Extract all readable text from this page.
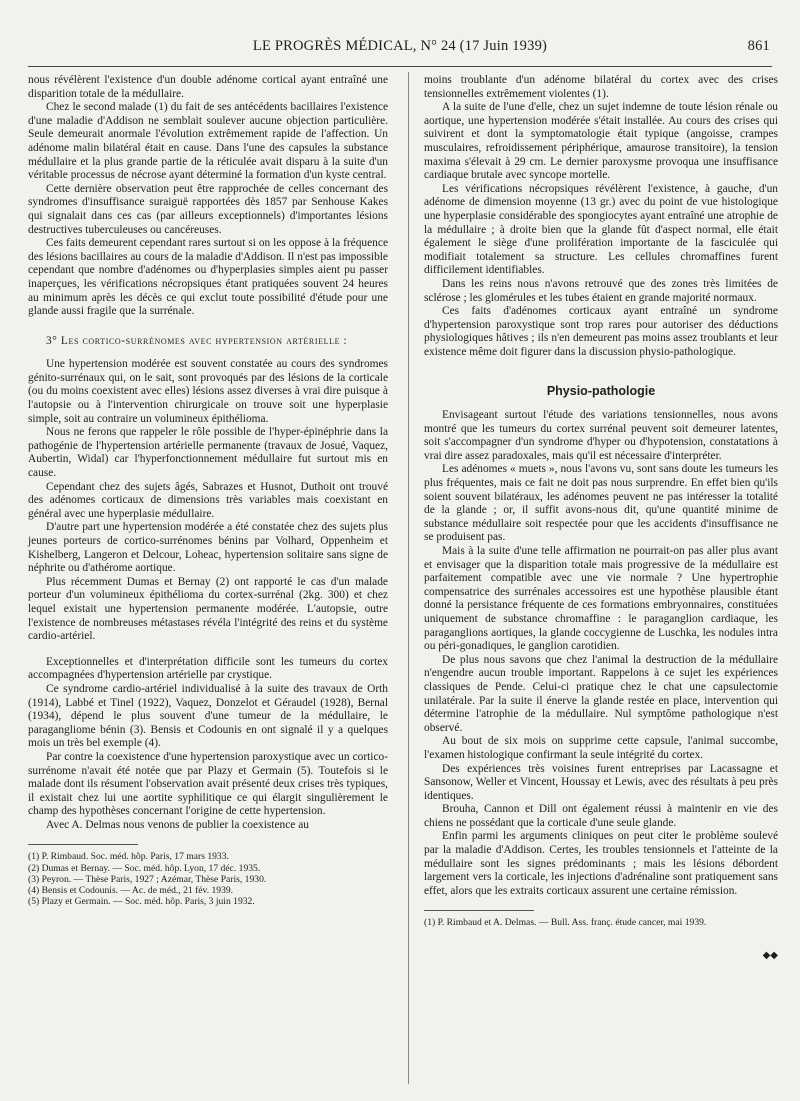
LE PROGRÈS MÉDICAL, N° 24 (17 Juin 1939)	861

nous révélèrent l'existence d'un double adénome cortical ayant entraîné une disparition totale de la médullaire.

Chez le second malade (1) du fait de ses antécédents bacillaires l'existence d'une maladie d'Addison ne semblait soulever aucune objection particulière. Seule demeurait anormale l'évolution extrêmement rapide de l'affection. Un adénome malin bilatéral était en cause. Dans l'une des capsules la substance médullaire et la plus grande partie de la réticulée avait disparu à la suite d'un véritable processus de nécrose ayant déterminé la formation d'un kyste central.

Cette dernière observation peut être rapprochée de celles concernant des syndromes d'insuffisance suraiguë rapportées dès 1857 par Senhouse Kakes qui signalait dans ces cas (par ailleurs exceptionnels) d'importantes lésions destructives tuberculeuses ou cancéreuses.

Ces faits demeurent cependant rares surtout si on les oppose à la fréquence des lésions bacillaires au cours de la maladie d'Addison. Il n'est pas impossible cependant que nombre d'adénomes ou d'hyperplasies simples aient pu passer inaperçues, les vérifications nécropsiques étant pratiquées souvent 24 heures au minimum après les décès ce qui exclut toute possibilité d'étude pour une glande aussi fragile que la surrénale.

3° Les cortico-surrénomes avec hypertension artérielle :

Une hypertension modérée est souvent constatée au cours des syndromes génito-surrénaux qui, on le sait, sont provoqués par des lésions de la corticale (ou du moins coexistent avec elles) lésions assez diverses à vrai dire puisque à l'autopsie ou à l'intervention chirurgicale on trouve soit une hyperplasie simple, soit au contraire un volumineux épithélioma.

Nous ne ferons que rappeler le rôle possible de l'hyper-épinéphrie dans la pathogénie de l'hypertension artérielle permanente (travaux de Josué, Vaquez, Aubertin, Widal) car l'hyperfonctionnement médullaire fut surtout mis en cause.

Cependant chez des sujets âgés, Sabrazes et Husnot, Duthoit ont trouvé des adénomes corticaux de dimensions très variables mais coexistant en général avec une hyperplasie médullaire.

D'autre part une hypertension modérée a été constatée chez des sujets plus jeunes porteurs de cortico-surrénomes bénins par Volhard, Oppenheim et Kishelberg, Langeron et Delcour, Loheac, hypertension solitaire sans signe de néphrite ou d'athérome aortique.

Plus récemment Dumas et Bernay (2) ont rapporté le cas d'un malade porteur d'un volumineux épithélioma du cortex-surrénal (2kg. 300) et chez lequel existait une hypertension permanente modérée. L'autopsie, outre l'existence de nombreuses métastases révéla l'intégrité des reins et du système cardio-artériel.

Exceptionnelles et d'interprétation difficile sont les tumeurs du cortex accompagnées d'hypertension artérielle par crystique.

Ce syndrome cardio-artériel individualisé à la suite des travaux de Orth (1914), Labbé et Tinel (1922), Vaquez, Donzelot et Géraudel (1928), Bernal (1934), dépend le plus souvent d'une tumeur de la médullaire, le paragangliome bénin (3). Bensis et Codounis en ont signalé il y a quelques mois un très bel exemple (4).

Par contre la coexistence d'une hypertension paroxystique avec un cortico-surrénome n'avait été notée que par Plazy et Germain (5). Toutefois si le malade dont ils résument l'observation avait présenté deux crises très typiques, il existait chez lui une aortite syphilitique ce qui élargit singulièrement le champ des hypothèses concernant l'origine de cette hypertension.

Avec A. Delmas nous venons de publier la coexistence au

(1) P. Rimbaud. Soc. méd. hôp. Paris, 17 mars 1933.
(2) Dumas et Bernay. — Soc. méd. hôp. Lyon, 17 déc. 1935.
(3) Peyron. — Thèse Paris, 1927 ; Azémar, Thèse Paris, 1930.
(4) Bensis et Codounis. — Ac. de méd., 21 fév. 1939.
(5) Plazy et Germain. — Soc. méd. hôp. Paris, 3 juin 1932.

moins troublante d'un adénome bilatéral du cortex avec des crises tensionnelles extrêmement violentes (1).

A la suite de l'une d'elle, chez un sujet indemne de toute lésion rénale ou aortique, une hypertension modérée s'était installée. Au cours des crises qui suivirent et dont la symptomatologie était typique (angoisse, crampes musculaires, refroidissement périphérique, amaurose transitoire), la tension maxima s'élevait à 29 cm. Le dernier paroxysme provoqua une insuffisance cardiaque brutale avec syncope mortelle.

Les vérifications nécropsiques révélèrent l'existence, à gauche, d'un adénome de dimension moyenne (13 gr.) avec du point de vue histologique une hyperplasie considérable des spongiocytes ayant entraîné une atrophie de la médullaire ; à droite bien que la glande fût d'aspect normal, elle était également le siège d'une prolifération importante de la fasciculée qui modifiait totalement sa structure. Les cellules chromaffines furent difficilement identifiables.

Dans les reins nous n'avons retrouvé que des zones très limitées de sclérose ; les glomérules et les tubes étaient en grande majorité normaux.

Ces faits d'adénomes corticaux ayant entraîné un syndrome d'hypertension paroxystique sont trop rares pour autoriser des déductions physiologiques hâtives ; ils n'en demeurent pas moins assez troublants et leur existence même doit figurer dans la discussion physio-pathologique.

Physio-pathologie

Envisageant surtout l'étude des variations tensionnelles, nous avons montré que les tumeurs du cortex surrénal peuvent soit demeurer latentes, soit s'accompagner d'un syndrome d'hyper ou d'hypotension, constatations à vrai dire assez paradoxales, mais qu'il est nécessaire d'interpréter.

Les adénomes « muets », nous l'avons vu, sont sans doute les tumeurs les plus fréquentes, mais ce fait ne doit pas nous surprendre. En effet bien qu'ils soient souvent bilatéraux, les adénomes peuvent ne pas intéresser la totalité de la glande ; or, il suffit avons-nous dit, qu'une quantité minime de substance médullaire soit respectée pour que les accidents d'insuffisance ne se produisent pas.

Mais à la suite d'une telle affirmation ne pourrait-on pas aller plus avant et envisager que la disparition totale mais progressive de la médullaire est parfaitement compatible avec une vie normale ? Une hypertrophie compensatrice des surrénales accessoires est une hypothèse plausible étant donné la persistance fréquente de ces formations embryonnaires, constituées uniquement de substance chromaffine : le paraganglion cardiaque, les paraganglions aortiques, la glande coccygienne de Luschka, les nodules intra ou péri-gonadiques, le ganglion carotidien.

De plus nous savons que chez l'animal la destruction de la médullaire n'engendre aucun trouble important. Rappelons à ce sujet les expériences classiques de Pende. Celui-ci pratique chez le chat une capsulectomie unilatérale. Par la suite il énerve la glande restée en place, intervention qui détermine l'atrophie de la médullaire. Nul symptôme pathologique n'est observé.

Au bout de six mois on supprime cette capsule, l'animal succombe, l'examen histologique confirmant la seule intégrité du cortex.

Des expériences très voisines furent entreprises par Lacassagne et Sansonow, Weller et Vincent, Houssay et Lewis, avec des résultats à peu près identiques.

Brouha, Cannon et Dill ont également réussi à maintenir en vie des chiens ne possédant que la corticale d'une seule glande.

Enfin parmi les arguments cliniques on peut citer le problème soulevé par la maladie d'Addison. Certes, les troubles tensionnels et l'atteinte de la médullaire sont les signes prédominants ; mais les lésions débordent largement vers la corticale, les injections d'adrénaline sont pratiquement sans effet, alors que les extraits corticaux assurent une certaine rémission.

(1) P. Rimbaud et A. Delmas. — Bull. Ass. franç. étude cancer, mai 1939.
◆◆
